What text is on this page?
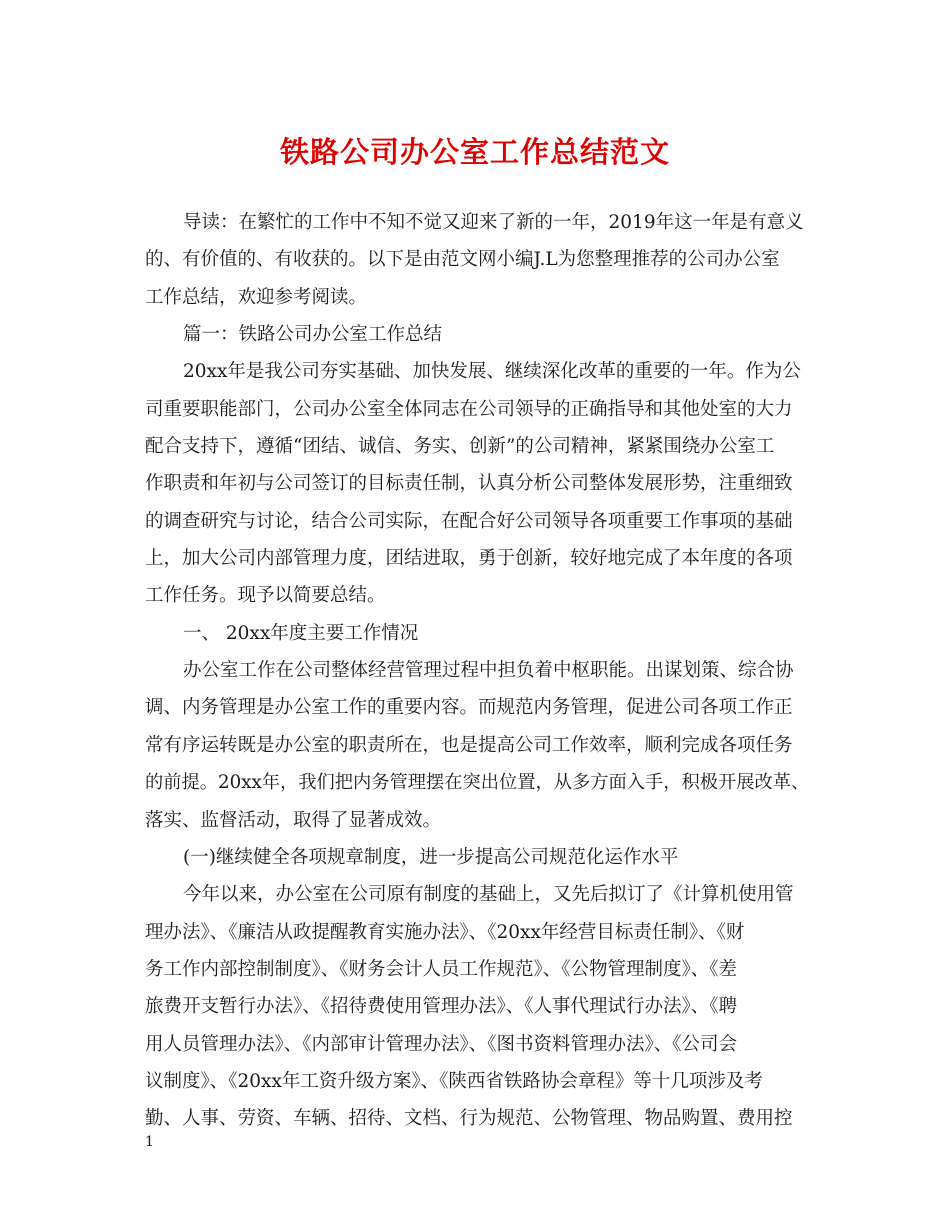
铁路公司办公室工作总结范文
导读：在繁忙的工作中不知不觉又迎来了新的一年，2019年这一年是有意义
的、有价值的、有收获的。以下是由范文网小编J.L为您整理推荐的公司办公室
工作总结，欢迎参考阅读。
篇一：铁路公司办公室工作总结
20xx年是我公司夯实基础、加快发展、继续深化改革的重要的一年。作为公
司重要职能部门，公司办公室全体同志在公司领导的正确指导和其他处室的大力
配合支持下，遵循“团结、诚信、务实、创新”的公司精神，紧紧围绕办公室工
作职责和年初与公司签订的目标责任制，认真分析公司整体发展形势，注重细致
的调查研究与讨论，结合公司实际，在配合好公司领导各项重要工作事项的基础
上，加大公司内部管理力度，团结进取，勇于创新，较好地完成了本年度的各项
工作任务。现予以简要总结。
一、 20xx年度主要工作情况
办公室工作在公司整体经营管理过程中担负着中枢职能。出谋划策、综合协
调、内务管理是办公室工作的重要内容。而规范内务管理，促进公司各项工作正
常有序运转既是办公室的职责所在，也是提高公司工作效率，顺利完成各项任务
的前提。20xx年，我们把内务管理摆在突出位置，从多方面入手，积极开展改革、
落实、监督活动，取得了显著成效。
(一)继续健全各项规章制度，进一步提高公司规范化运作水平
今年以来，办公室在公司原有制度的基础上，又先后拟订了《计算机使用管
理办法》、《廉洁从政提醒教育实施办法》、《20xx年经营目标责任制》、《财
务工作内部控制制度》、《财务会计人员工作规范》、《公物管理制度》、《差
旅费开支暂行办法》、《招待费使用管理办法》、《人事代理试行办法》、《聘
用人员管理办法》、《内部审计管理办法》、《图书资料管理办法》、《公司会
议制度》、《20xx年工资升级方案》、《陕西省铁路协会章程》等十几项涉及考
勤、人事、劳资、车辆、招待、文档、行为规范、公物管理、物品购置、费用控
1
